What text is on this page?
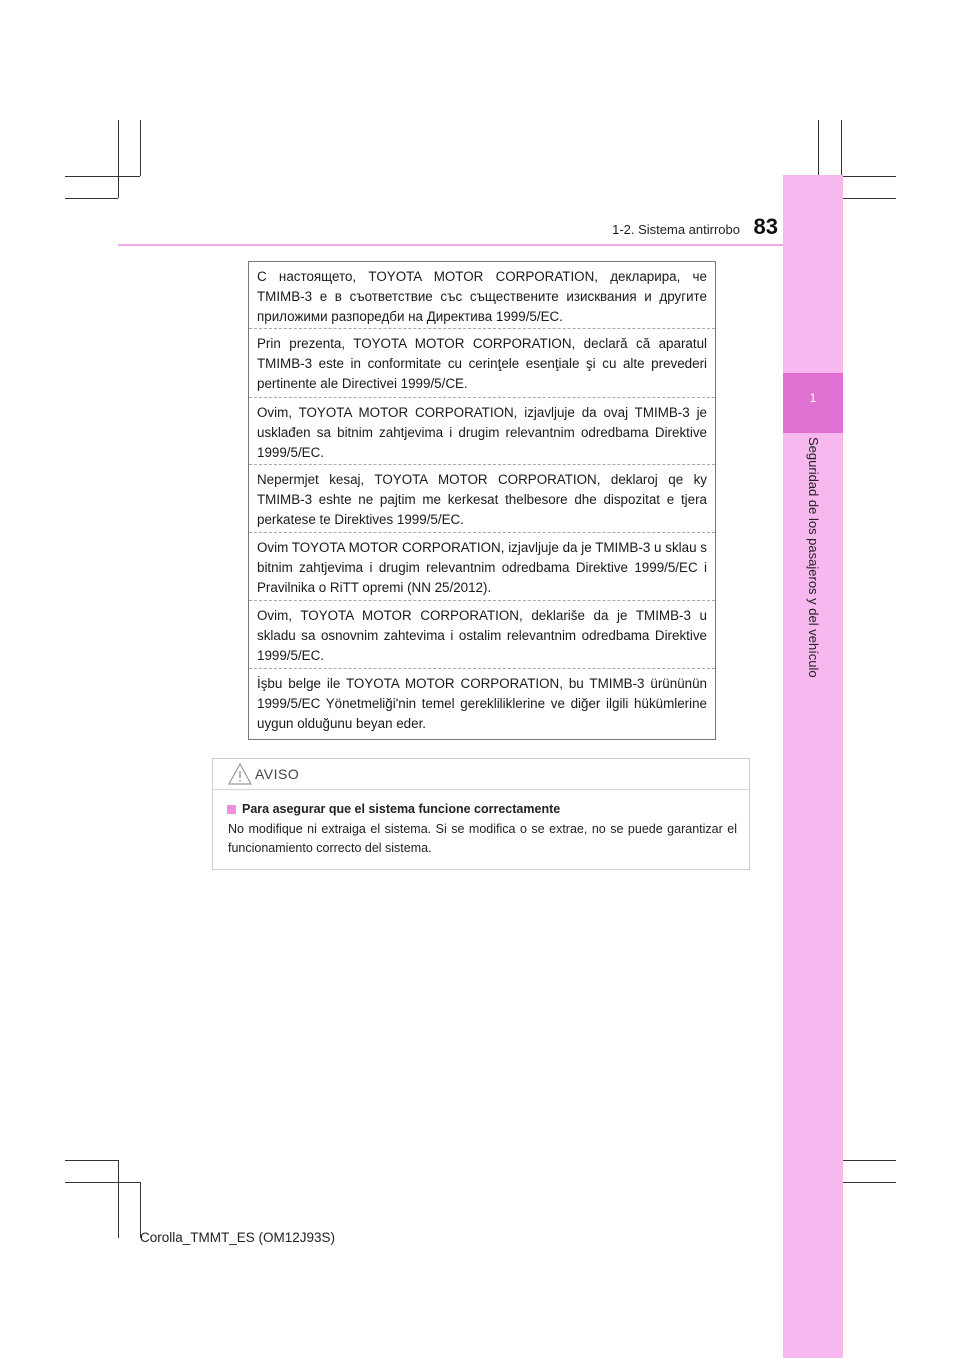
1
Seguridad de los pasajeros y del vehículo
1-2. Sistema antirrobo 83
С настоящето, TOYOTA MOTOR CORPORATION, декларира, че TMIMB-3 е в съответствие със съществените изисквания и другите приложими разпоредби на Директива 1999/5/EC.
Prin prezenta, TOYOTA MOTOR CORPORATION, declară că aparatul TMIMB-3 este in conformitate cu cerinţele esenţiale şi cu alte prevederi pertinente ale Directivei 1999/5/CE.
Ovim, TOYOTA MOTOR CORPORATION, izjavljuje da ovaj TMIMB-3 je usklađen sa bitnim zahtjevima i drugim relevantnim odredbama Direktive 1999/5/EC.
Nepermjet kesaj, TOYOTA MOTOR CORPORATION, deklaroj qe ky TMIMB-3 eshte ne pajtim me kerkesat thelbesore dhe dispozitat e tjera perkatese te Direktives 1999/5/EC.
Ovim TOYOTA MOTOR CORPORATION, izjavljuje da je TMIMB-3 u sklau s bitnim zahtjevima i drugim relevantnim odredbama Direktive 1999/5/EC i Pravilnika o RiTT opremi (NN 25/2012).
Ovim, TOYOTA MOTOR CORPORATION, deklariše da je TMIMB-3 u skladu sa osnovnim zahtevima i ostalim relevantnim odredbama Direktive 1999/5/EC.
İşbu belge ile TOYOTA MOTOR CORPORATION, bu TMIMB-3 ürününün 1999/5/EC Yönetmeliği'nin temel gerekliliklerine ve diğer ilgili hükümlerine uygun olduğunu beyan eder.
AVISO
Para asegurar que el sistema funcione correctamente
No modifique ni extraiga el sistema. Si se modifica o se extrae, no se puede garantizar el funcionamiento correcto del sistema.
Corolla_TMMT_ES (OM12J93S)
